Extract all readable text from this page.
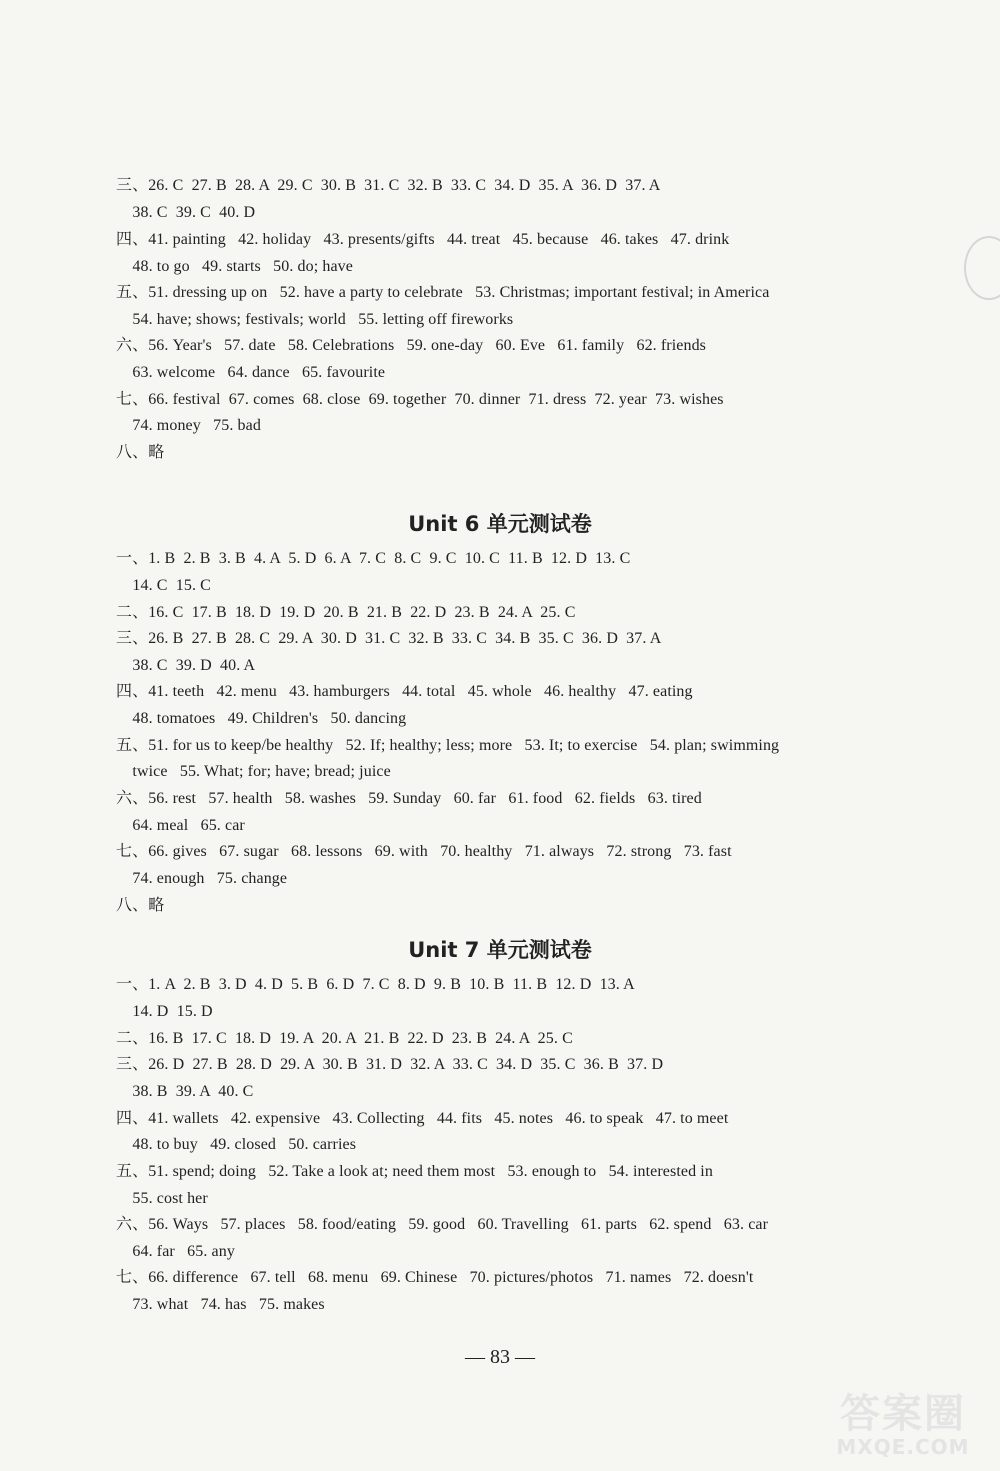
三、26. C  27. B  28. A  29. C  30. B  31. C  32. B  33. C  34. D  35. A  36. D  37. A
38. C  39. C  40. D
四、41. painting   42. holiday   43. presents/gifts   44. treat   45. because   46. takes   47. drink
48. to go   49. starts   50. do; have
五、51. dressing up on   52. have a party to celebrate   53. Christmas; important festival; in America
54. have; shows; festivals; world   55. letting off fireworks
六、56. Year's   57. date   58. Celebrations   59. one-day   60. Eve   61. family   62. friends
63. welcome   64. dance   65. favourite
七、66. festival  67. comes  68. close  69. together  70. dinner  71. dress  72. year  73. wishes
74. money   75. bad
八、略
Unit 6 单元测试卷
一、1. B  2. B  3. B  4. A  5. D  6. A  7. C  8. C  9. C  10. C  11. B  12. D  13. C
14. C  15. C
二、16. C  17. B  18. D  19. D  20. B  21. B  22. D  23. B  24. A  25. C
三、26. B  27. B  28. C  29. A  30. D  31. C  32. B  33. C  34. B  35. C  36. D  37. A
38. C  39. D  40. A
四、41. teeth   42. menu   43. hamburgers   44. total   45. whole   46. healthy   47. eating
48. tomatoes   49. Children's   50. dancing
五、51. for us to keep/be healthy   52. If; healthy; less; more   53. It; to exercise   54. plan; swimming
twice   55. What; for; have; bread; juice
六、56. rest   57. health   58. washes   59. Sunday   60. far   61. food   62. fields   63. tired
64. meal   65. car
七、66. gives   67. sugar   68. lessons   69. with   70. healthy   71. always   72. strong   73. fast
74. enough   75. change
八、略
Unit 7 单元测试卷
一、1. A  2. B  3. D  4. D  5. B  6. D  7. C  8. D  9. B  10. B  11. B  12. D  13. A
14. D  15. D
二、16. B  17. C  18. D  19. A  20. A  21. B  22. D  23. B  24. A  25. C
三、26. D  27. B  28. D  29. A  30. B  31. D  32. A  33. C  34. D  35. C  36. B  37. D
38. B  39. A  40. C
四、41. wallets   42. expensive   43. Collecting   44. fits   45. notes   46. to speak   47. to meet
48. to buy   49. closed   50. carries
五、51. spend; doing   52. Take a look at; need them most   53. enough to   54. interested in
55. cost her
六、56. Ways   57. places   58. food/eating   59. good   60. Travelling   61. parts   62. spend   63. car
64. far   65. any
七、66. difference   67. tell   68. menu   69. Chinese   70. pictures/photos   71. names   72. doesn't
73. what   74. has   75. makes
— 83 —
答案圈
MXQE.COM
